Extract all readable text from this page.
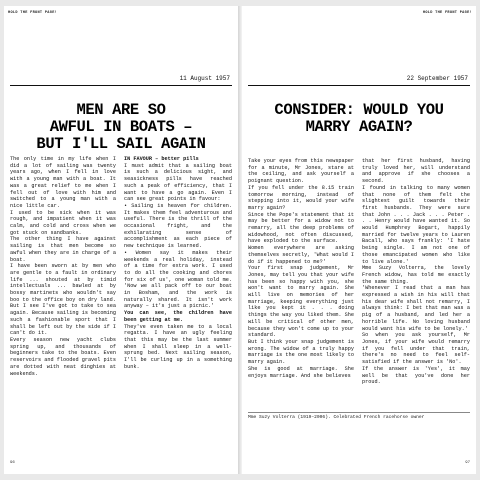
HOLD THE FRONT PAGE!
11 August 1957
MEN ARE SO
AWFUL IN BOATS –
BUT I'LL SAIL AGAIN

The only time in my life when I did a lot of sailing was twenty years ago, when I fell in love with a young man with a boat. It was a great relief to me when I fell out of love with him and switched to a young man with a nice little car.

I used to be sick when it was rough, and impatient when it was calm, and cold and cross when we got stuck on sandbanks.

The other thing I have against sailing is that men become so awful when they are in charge of a boat.

I have been sworn at by men who are gentle to a fault in ordinary life ... shouted at by timid intellectuals ... bawled at by bossy martinets who wouldn't say boo to the office boy on dry land.

But I see I've got to take to sea again. Because sailing is becoming such a fashionable sport that I shall be left out by the side if I can't do it.

Every season new yacht clubs spring up, and thousands of beginners take to the boats. Even reservoirs and flooded gravel pits are dotted with neat dinghies at weekends.

IN FAVOUR – better pills

I must admit that a sailing boat is such a delicious sight, and seasickness pills have reached such a peak of efficiency, that I want to have a go again. Even I can see great points in favour:

• Sailing is heaven for children. It makes them feel adventurous and useful. There is the thrill of the occasional fright, and the exhilarating sense of accomplishment as each piece of new technique is learned.

• Women say it makes their weekends a real holiday, instead of a time for extra work. I used to do all the cooking and chores for six of us', one woman told me. 'Now we all pack off to our boat in Bosham, and the work is naturally shared. It isn't work anyway – it's just a picnic.'

You can see, the children have been getting at me.

They've even taken me to a local regatta. I have an ugly feeling that this may be the last summer when I shall sleep in a well-sprung bed. Next sailing season, I'll be curling up in a something bunk.

96
HOLD THE FRONT PAGE!
22 September 1957
CONSIDER: WOULD YOU
MARRY AGAIN?

Take your eyes from this newspaper for a minute, Mr Jones, stare at the ceiling, and ask yourself a poignant question.

If you fell under the 8.15 train tomorrow morning, instead of stepping into it, would your wife marry again?

Since the Pope's statement that it may be better for a widow not to remarry, all the deep problems of widowhood, not often discussed, have exploded to the surface.

Women everywhere are asking themselves secretly, 'What would I do if it happened to me?'

Your first snap judgement, Mr Jones, may tell you that your wife has been so happy with you, she won't want to marry again. She will live on memories of her marriage, keeping everything just like you kept it . . . doing things the way you liked them. She will be critical of other men, because they won't come up to your standard.

But I think your snap judgement is wrong. The widow of a truly happy marriage is the one most likely to marry again.

She is good at marriage. She enjoys marriage. And she believes

that her first husband, having truly loved her, will understand and approve if she chooses a second.

I found in talking to many women that none of them felt the slightest guilt towards their first husbands. They were sure that John . . . Jack . . . Peter . . . Henry would have wanted it. So would Humphrey Bogart, happily married for twelve years to Lauren Bacall, who says frankly: 'I hate being single. I am not one of those emancipated women who like to live alone.'

Mme Suzy Volterra, the lovely French widow, has told me exactly the same thing.

'Whenever I read that a man has expressed a wish in his will that his dear wife shall not remarry, I always think: I bet that man was a pig of a husband, and led her a horrible life. No loving husband would want his wife to be lonely.'

So when you ask yourself, Mr Jones, if your wife would remarry if you fell under that train, there's no need to feel self-satisfied if the answer is 'No'.

If the answer is 'Yes', it may well be that you've done her proud.

Mme Suzy Volterra (1919–2006). Celebrated French racehorse owner
97
